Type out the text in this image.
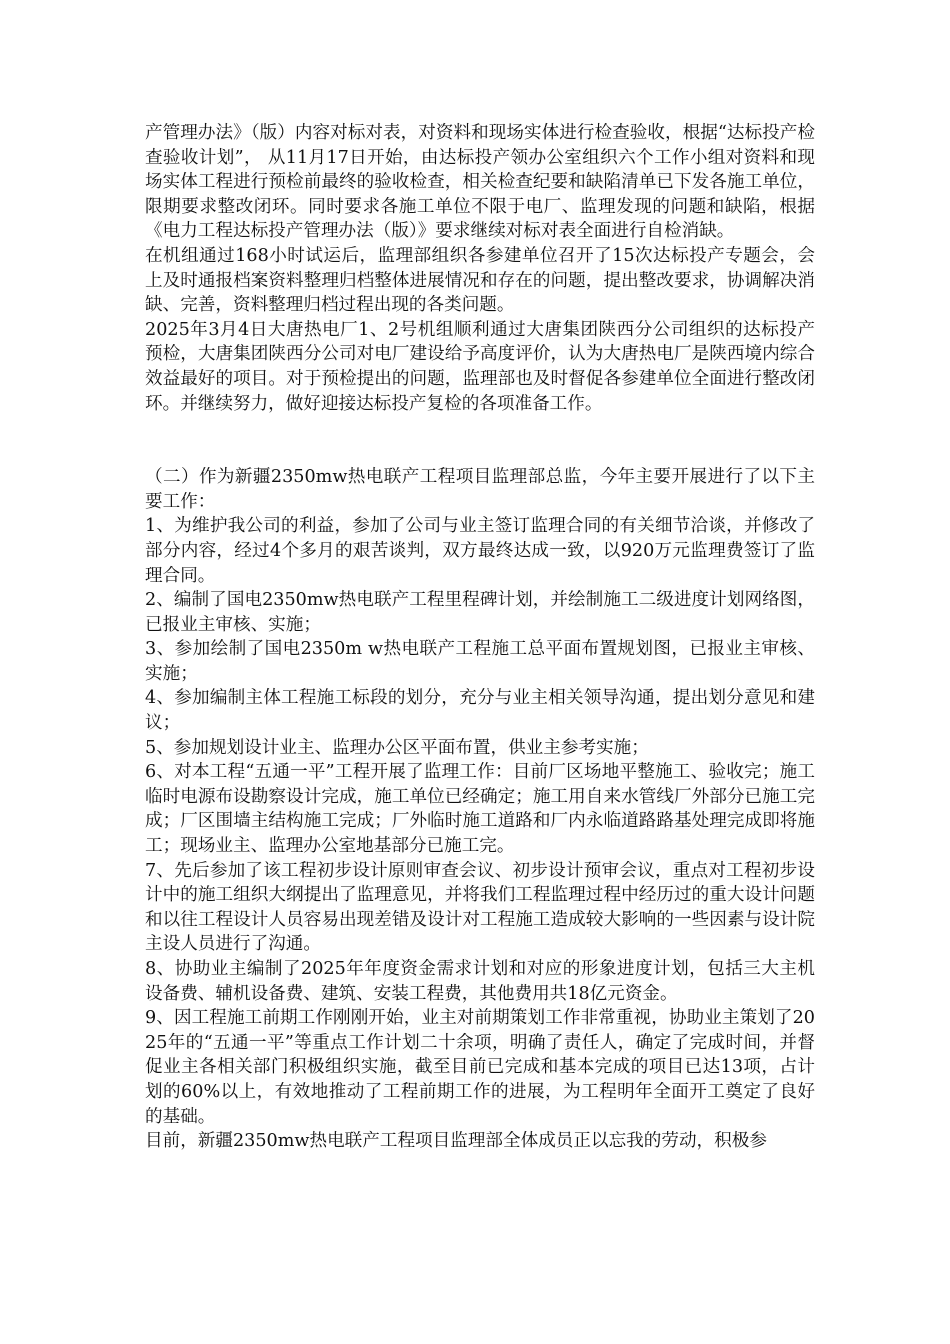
产管理办法》（版）内容对标对表，对资料和现场实体进行检查验收，根据“达标投产检查验收计划”， 从11月17日开始，由达标投产领办公室组织六个工作小组对资料和现场实体工程进行预检前最终的验收检查，相关检查纪要和缺陷清单已下发各施工单位，限期要求整改闭环。同时要求各施工单位不限于电厂、监理发现的问题和缺陷，根据《电力工程达标投产管理办法（版）》要求继续对标对表全面进行自检消缺。

在机组通过168小时试运后，监理部组织各参建单位召开了15次达标投产专题会，会上及时通报档案资料整理归档整体进展情况和存在的问题，提出整改要求，协调解决消缺、完善，资料整理归档过程出现的各类问题。

2025年3月4日大唐热电厂1、2号机组顺利通过大唐集团陕西分公司组织的达标投产预检，大唐集团陕西分公司对电厂建设给予高度评价，认为大唐热电厂是陕西境内综合效益最好的项目。对于预检提出的问题，监理部也及时督促各参建单位全面进行整改闭环。并继续努力，做好迎接达标投产复检的各项准备工作。

（二）作为新疆2350mw热电联产工程项目监理部总监，今年主要开展进行了以下主要工作：

1、为维护我公司的利益，参加了公司与业主签订监理合同的有关细节洽谈，并修改了部分内容，经过4个多月的艰苦谈判，双方最终达成一致，以920万元监理费签订了监理合同。

2、编制了国电2350mw热电联产工程里程碑计划，并绘制施工二级进度计划网络图，已报业主审核、实施；

3、参加绘制了国电2350m w热电联产工程施工总平面布置规划图，已报业主审核、实施；

4、参加编制主体工程施工标段的划分，充分与业主相关领导沟通，提出划分意见和建议；

5、参加规划设计业主、监理办公区平面布置，供业主参考实施；

6、对本工程“五通一平”工程开展了监理工作：目前厂区场地平整施工、验收完；施工临时电源布设勘察设计完成，施工单位已经确定；施工用自来水管线厂外部分已施工完成；厂区围墙主结构施工完成；厂外临时施工道路和厂内永临道路路基处理完成即将施工；现场业主、监理办公室地基部分已施工完。

7、先后参加了该工程初步设计原则审查会议、初步设计预审会议，重点对工程初步设计中的施工组织大纲提出了监理意见，并将我们工程监理过程中经历过的重大设计问题和以往工程设计人员容易出现差错及设计对工程施工造成较大影响的一些因素与设计院主设人员进行了沟通。

8、协助业主编制了2025年年度资金需求计划和对应的形象进度计划，包括三大主机设备费、辅机设备费、建筑、安装工程费，其他费用共18亿元资金。

9、因工程施工前期工作刚刚开始，业主对前期策划工作非常重视，协助业主策划了2025年的“五通一平”等重点工作计划二十余项，明确了责任人，确定了完成时间，并督促业主各相关部门积极组织实施，截至目前已完成和基本完成的项目已达13项，占计划的60%以上，有效地推动了工程前期工作的进展，为工程明年全面开工奠定了良好的基础。

目前，新疆2350mw热电联产工程项目监理部全体成员正以忘我的劳动，积极参
